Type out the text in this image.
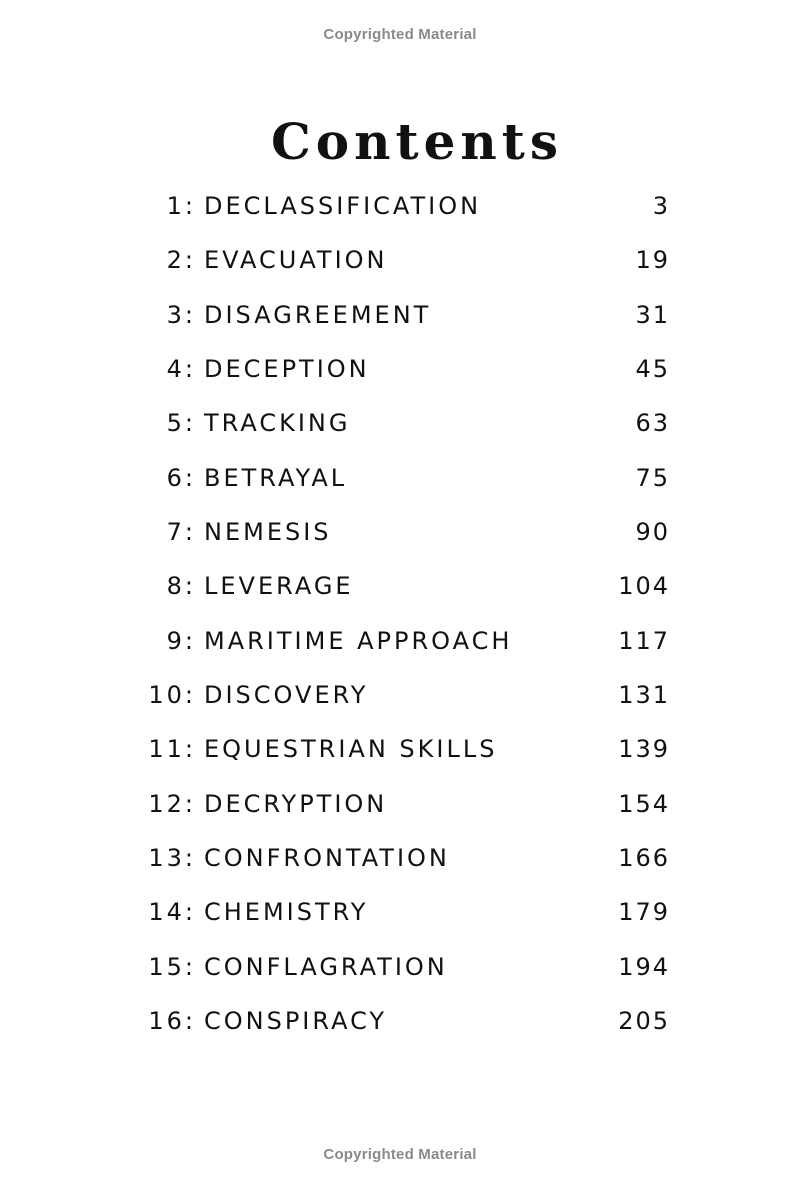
Copyrighted Material
Contents
1: DECLASSIFICATION	3
2: EVACUATION	19
3: DISAGREEMENT	31
4: DECEPTION	45
5: TRACKING	63
6: BETRAYAL	75
7: NEMESIS	90
8: LEVERAGE	104
9: MARITIME APPROACH	117
10: DISCOVERY	131
11: EQUESTRIAN SKILLS	139
12: DECRYPTION	154
13: CONFRONTATION	166
14: CHEMISTRY	179
15: CONFLAGRATION	194
16: CONSPIRACY	205
Copyrighted Material
